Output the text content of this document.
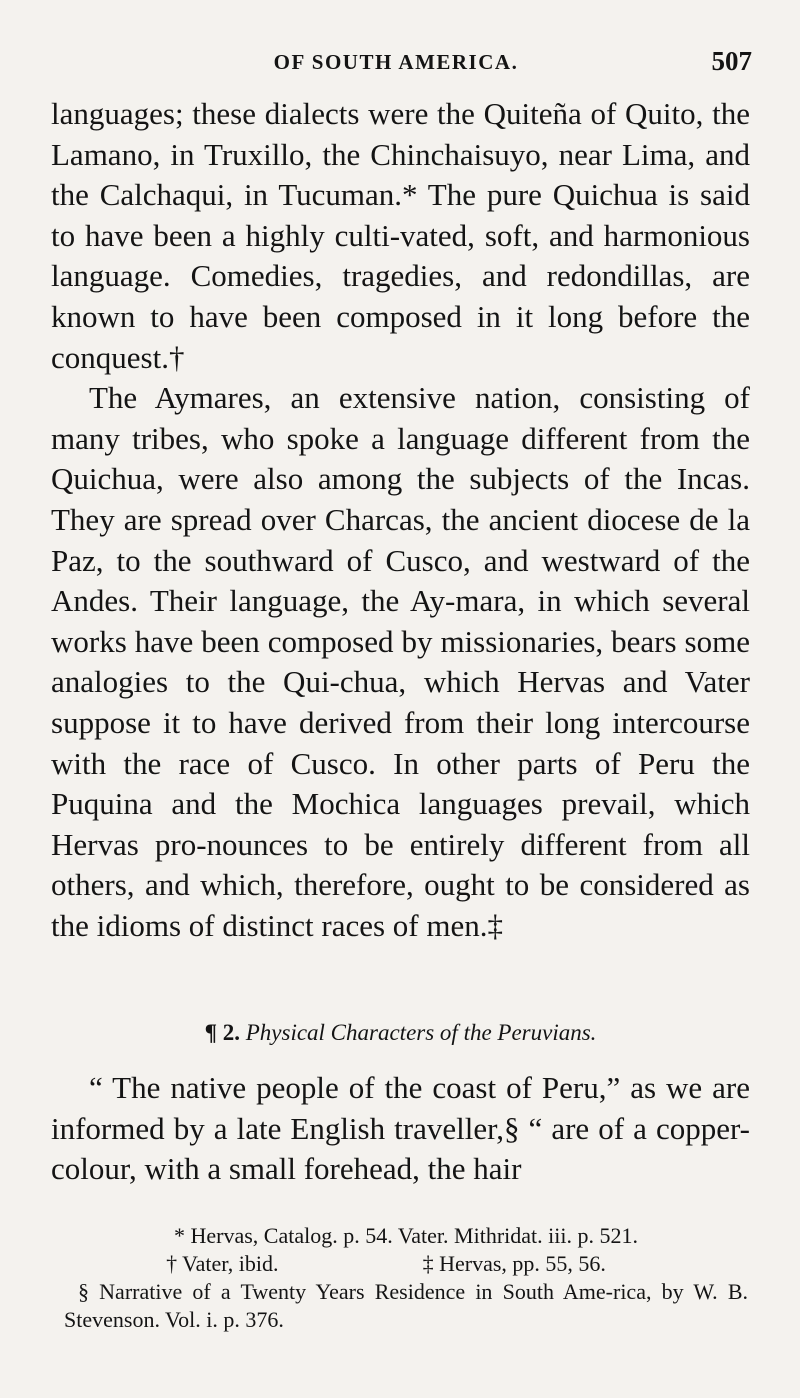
OF SOUTH AMERICA.	507

languages; these dialects were the Quiteña of Quito, the Lamano, in Truxillo, the Chinchaisuyo, near Lima, and the Calchaqui, in Tucuman.* The pure Quichua is said to have been a highly culti-vated, soft, and harmonious language. Comedies, tragedies, and redondillas, are known to have been composed in it long before the conquest.†

The Aymares, an extensive nation, consisting of many tribes, who spoke a language different from the Quichua, were also among the subjects of the Incas. They are spread over Charcas, the ancient diocese de la Paz, to the southward of Cusco, and westward of the Andes. Their language, the Ay-mara, in which several works have been composed by missionaries, bears some analogies to the Qui-chua, which Hervas and Vater suppose it to have derived from their long intercourse with the race of Cusco. In other parts of Peru the Puquina and the Mochica languages prevail, which Hervas pro-nounces to be entirely different from all others, and which, therefore, ought to be considered as the idioms of distinct races of men.‡

¶ 2. Physical Characters of the Peruvians.

“ The native people of the coast of Peru,” as we are informed by a late English traveller,§ “ are of a copper-colour, with a small forehead, the hair

* Hervas, Catalog. p. 54. Vater. Mithridat. iii. p. 521.
† Vater, ibid.	‡ Hervas, pp. 55, 56.
§ Narrative of a Twenty Years Residence in South Ame-rica, by W. B. Stevenson. Vol. i. p. 376.
